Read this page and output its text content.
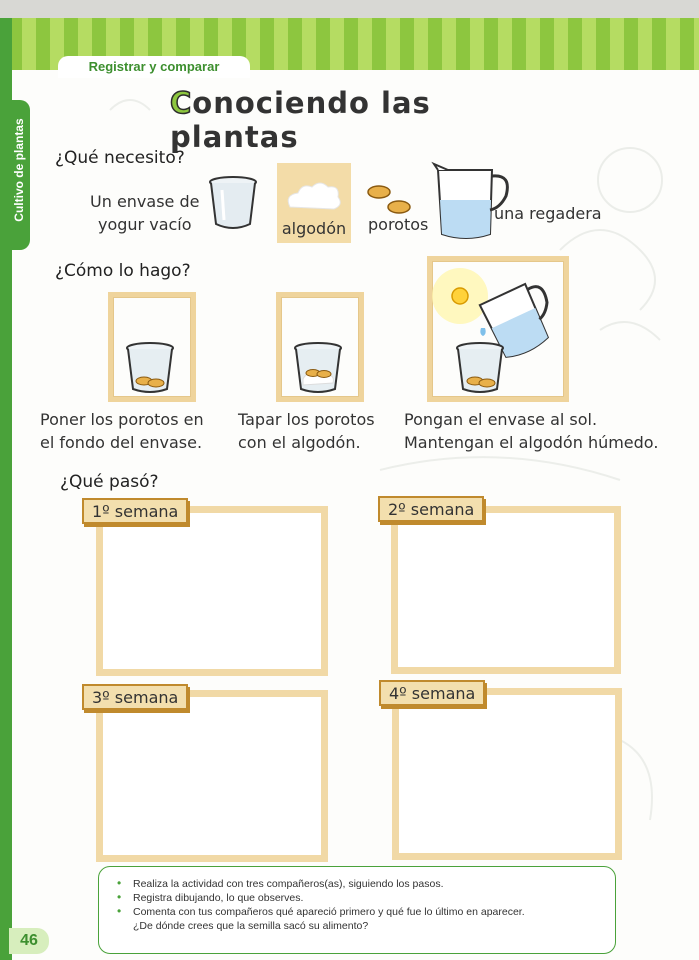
Cultivo de plantas
Registrar y comparar
Conociendo las plantas
¿Qué necesito?
Un envase de
yogur vacío	algodón	porotos
una regadera
¿Cómo lo hago?
Poner los porotos en
el fondo del envase.
Tapar los porotos
con el algodón.
Pongan el envase al sol.
Mantengan el algodón húmedo.
¿Qué pasó?
1º semana	2º semana
3º semana	4º semana
• Realiza la actividad con tres compañeros(as), siguiendo los pasos.
• Registra dibujando, lo que observes.
• Comenta con tus compañeros qué apareció primero y qué fue lo último en aparecer.
¿De dónde crees que la semilla sacó su alimento?
46
